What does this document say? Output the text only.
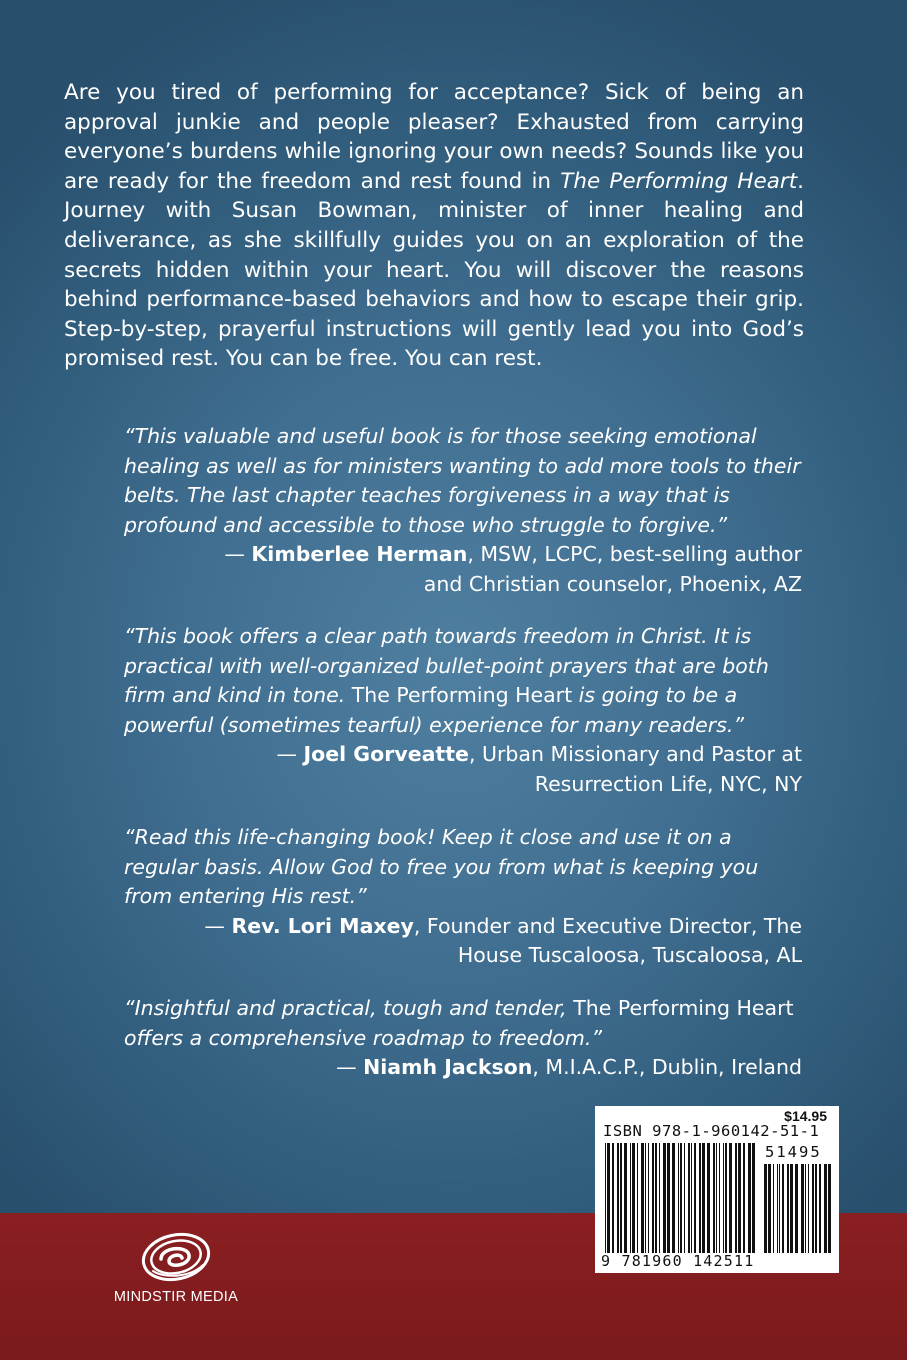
Are you tired of performing for acceptance? Sick of being an approval junkie and people pleaser? Exhausted from carrying everyone’s burdens while ignoring your own needs? Sounds like you are ready for the freedom and rest found in The Performing Heart. Journey with Susan Bowman, minister of inner healing and deliverance, as she skillfully guides you on an exploration of the secrets hidden within your heart. You will discover the reasons behind performance-based behaviors and how to escape their grip. Step-by-step, prayerful instructions will gently lead you into God’s promised rest. You can be free. You can rest.

“This valuable and useful book is for those seeking emotional healing as well as for ministers wanting to add more tools to their belts. The last chapter teaches forgiveness in a way that is profound and accessible to those who struggle to forgive.”
— Kimberlee Herman, MSW, LCPC, best-selling author
and Christian counselor, Phoenix, AZ

“This book offers a clear path towards freedom in Christ. It is practical with well-organized bullet-point prayers that are both firm and kind in tone. The Performing Heart is going to be a powerful (sometimes tearful) experience for many readers.”
— Joel Gorveatte, Urban Missionary and Pastor at
Resurrection Life, NYC, NY

“Read this life-changing book! Keep it close and use it on a regular basis. Allow God to free you from what is keeping you from entering His rest.”
— Rev. Lori Maxey, Founder and Executive Director, The
House Tuscaloosa, Tuscaloosa, AL

“Insightful and practical, tough and tender, The Performing Heart offers a comprehensive roadmap to freedom.”
— Niamh Jackson, M.I.A.C.P., Dublin, Ireland

$14.95
ISBN 978-1-960142-51-1
51495
9 781960 142511
MINDSTIR MEDIA
